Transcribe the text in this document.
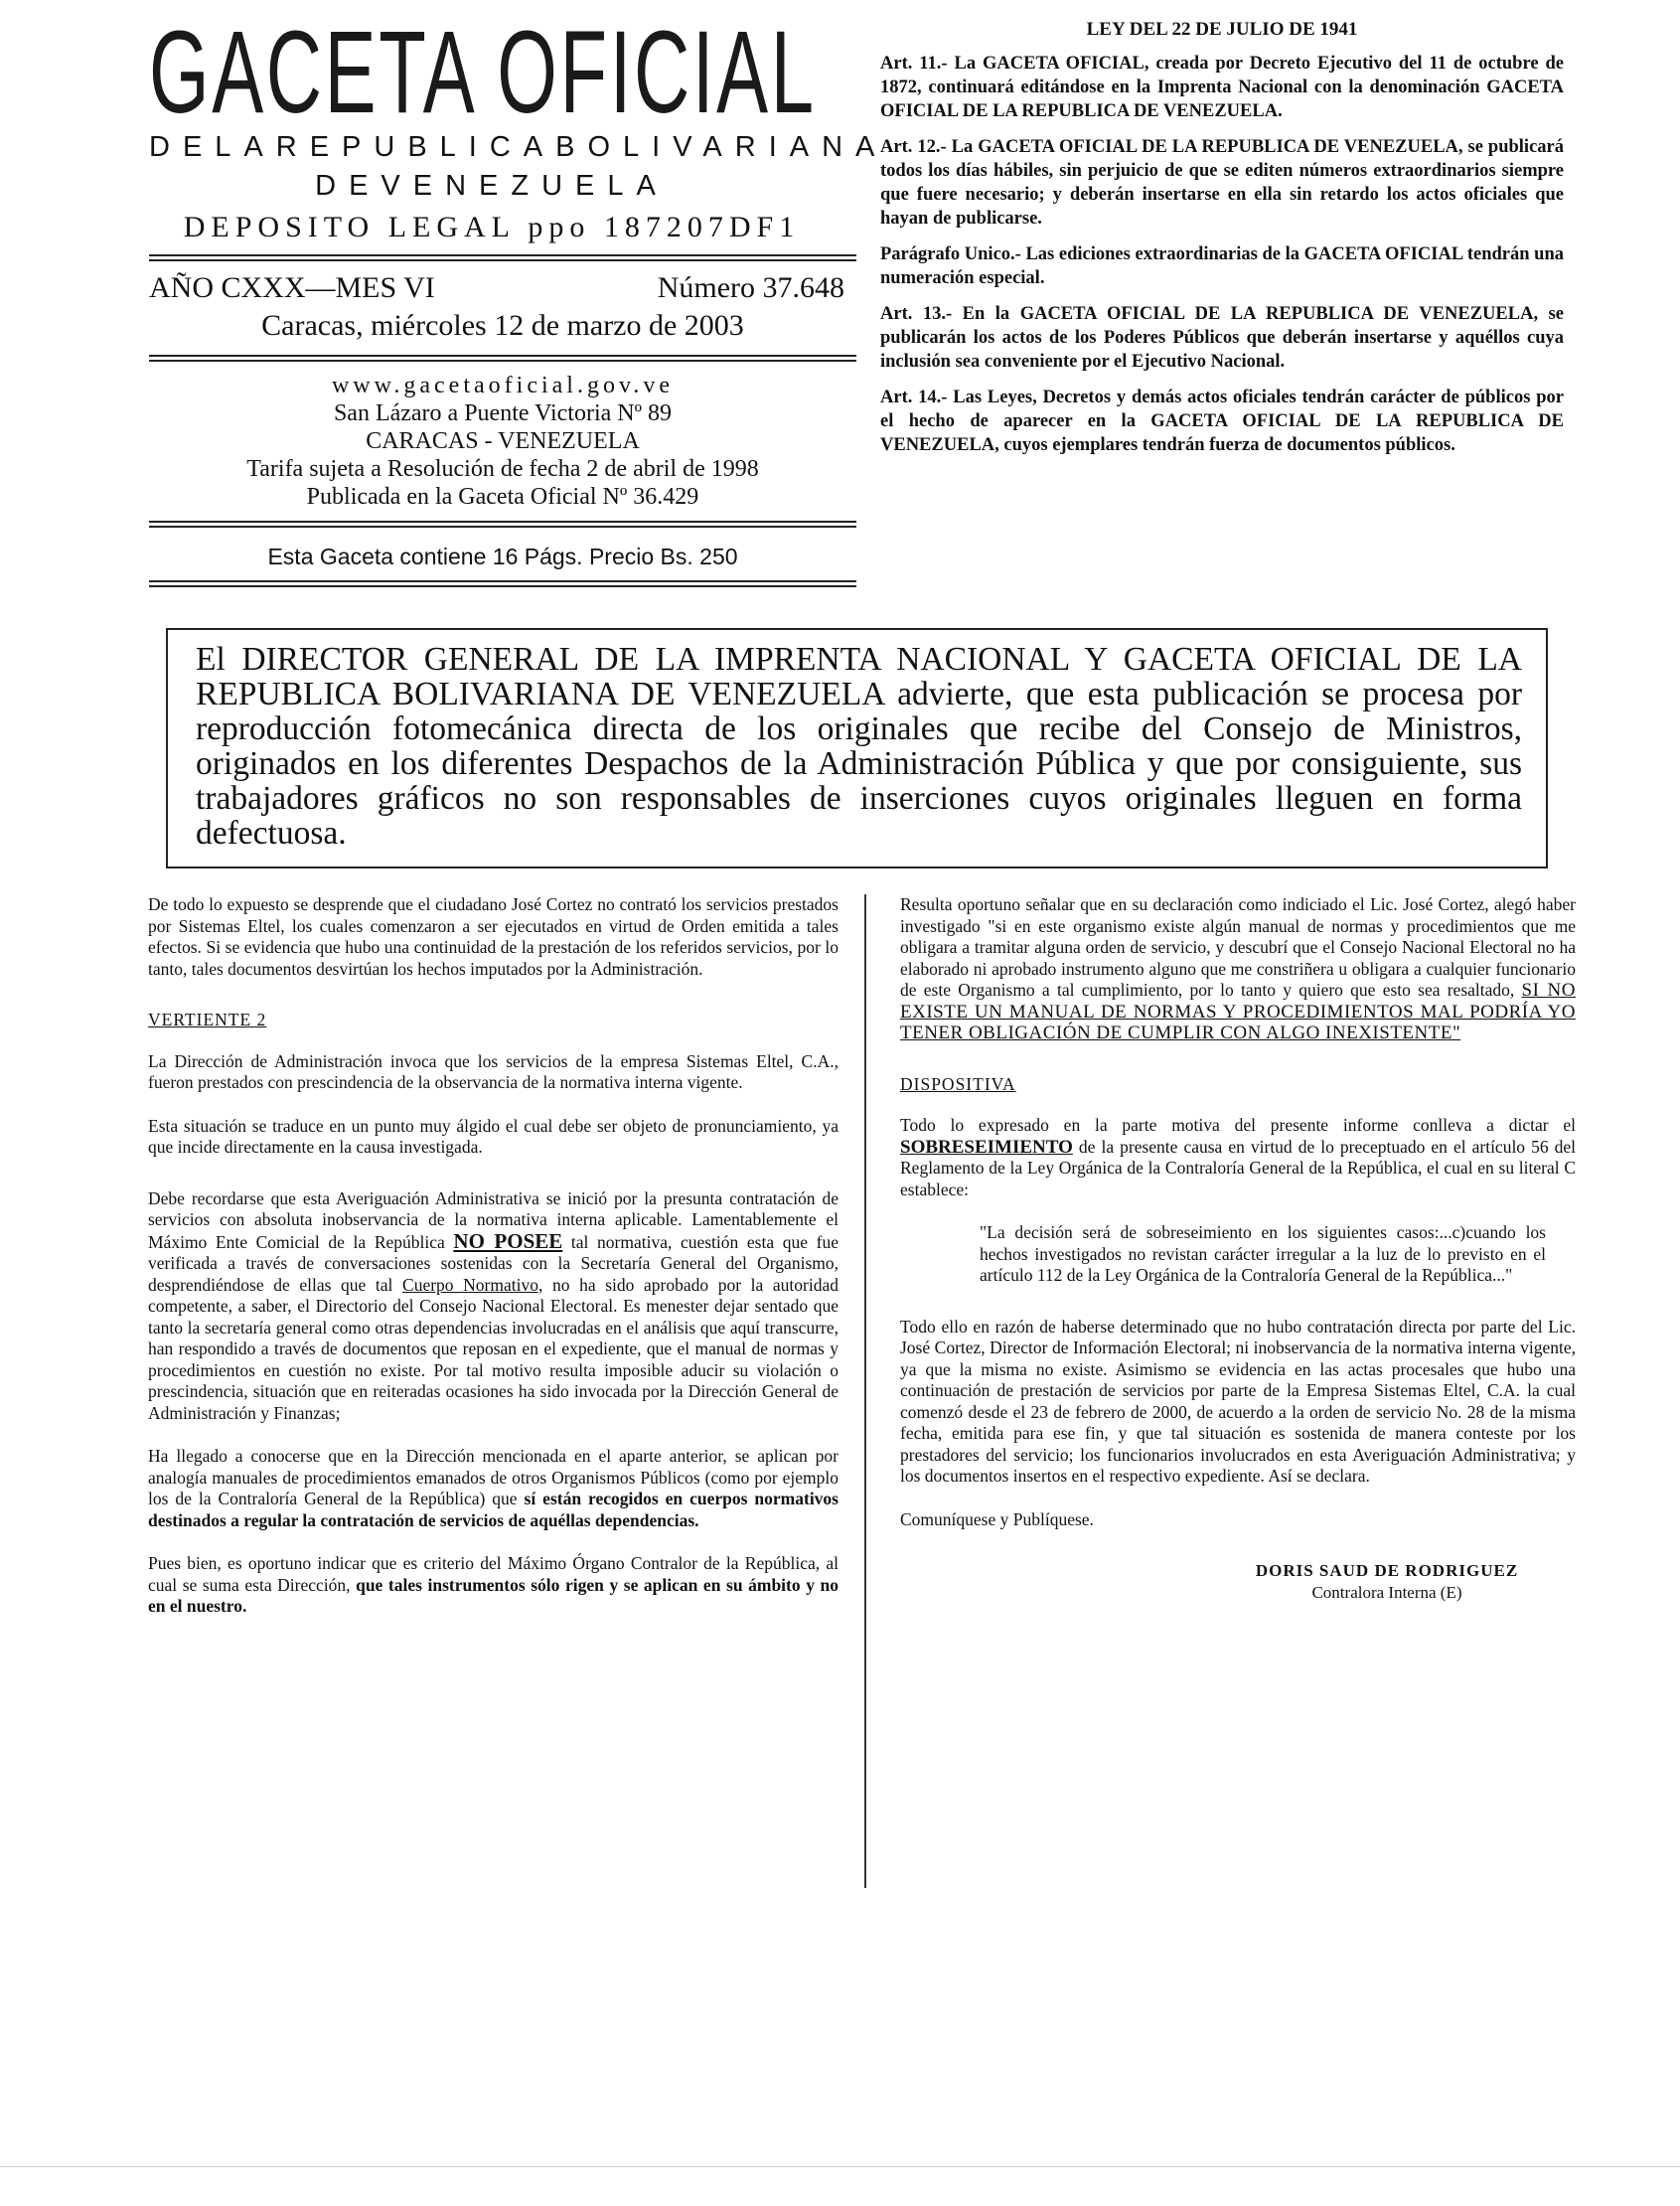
GACETA OFICIAL
DELAREPUBLICABOLIVARIANA
DEVENEZUELA
DEPOSITO LEGAL ppo 187207DF1
AÑO CXXX—MES VI	Número 37.648
Caracas, miércoles 12 de marzo de 2003
www.gacetaoficial.gov.ve
San Lázaro a Puente Victoria Nº 89
CARACAS - VENEZUELA
Tarifa sujeta a Resolución de fecha 2 de abril de 1998
Publicada en la Gaceta Oficial Nº 36.429
Esta Gaceta contiene 16 Págs. Precio Bs. 250
LEY DEL 22 DE JULIO DE 1941

Art. 11.- La GACETA OFICIAL, creada por Decreto Ejecutivo del 11 de octubre de 1872, continuará editándose en la Imprenta Nacional con la denominación GACETA OFICIAL DE LA REPUBLICA DE VENEZUELA.

Art. 12.- La GACETA OFICIAL DE LA REPUBLICA DE VENEZUELA, se publicará todos los días hábiles, sin perjuicio de que se editen números extraordinarios siempre que fuere necesario; y deberán insertarse en ella sin retardo los actos oficiales que hayan de publicarse.

Parágrafo Unico.- Las ediciones extraordinarias de la GACETA OFICIAL tendrán una numeración especial.

Art. 13.- En la GACETA OFICIAL DE LA REPUBLICA DE VENEZUELA, se publicarán los actos de los Poderes Públicos que deberán insertarse y aquéllos cuya inclusión sea conveniente por el Ejecutivo Nacional.

Art. 14.- Las Leyes, Decretos y demás actos oficiales tendrán carácter de públicos por el hecho de aparecer en la GACETA OFICIAL DE LA REPUBLICA DE VENEZUELA, cuyos ejemplares tendrán fuerza de documentos públicos.

El DIRECTOR GENERAL DE LA IMPRENTA NACIONAL Y GACETA OFICIAL DE LA REPUBLICA BOLIVARIANA DE VENEZUELA advierte, que esta publicación se procesa por reproducción fotomecánica directa de los originales que recibe del Consejo de Ministros, originados en los diferentes Despachos de la Administración Pública y que por consiguiente, sus trabajadores gráficos no son responsables de inserciones cuyos originales lleguen en forma defectuosa.

De todo lo expuesto se desprende que el ciudadano José Cortez no contrató los servicios prestados por Sistemas Eltel, los cuales comenzaron a ser ejecutados en virtud de Orden emitida a tales efectos. Si se evidencia que hubo una continuidad de la prestación de los referidos servicios, por lo tanto, tales documentos desvirtúan los hechos imputados por la Administración.

VERTIENTE 2

La Dirección de Administración invoca que los servicios de la empresa Sistemas Eltel, C.A., fueron prestados con prescindencia de la observancia de la normativa interna vigente.

Esta situación se traduce en un punto muy álgido el cual debe ser objeto de pronunciamiento, ya que incide directamente en la causa investigada.

Debe recordarse que esta Averiguación Administrativa se inició por la presunta contratación de servicios con absoluta inobservancia de la normativa interna aplicable. Lamentablemente el Máximo Ente Comicial de la República NO POSEE tal normativa, cuestión esta que fue verificada a través de conversaciones sostenidas con la Secretaría General del Organismo, desprendiéndose de ellas que tal Cuerpo Normativo, no ha sido aprobado por la autoridad competente, a saber, el Directorio del Consejo Nacional Electoral. Es menester dejar sentado que tanto la secretaría general como otras dependencias involucradas en el análisis que aquí transcurre, han respondido a través de documentos que reposan en el expediente, que el manual de normas y procedimientos en cuestión no existe. Por tal motivo resulta imposible aducir su violación o prescindencia, situación que en reiteradas ocasiones ha sido invocada por la Dirección General de Administración y Finanzas;

Ha llegado a conocerse que en la Dirección mencionada en el aparte anterior, se aplican por analogía manuales de procedimientos emanados de otros Organismos Públicos (como por ejemplo los de la Contraloría General de la República) que sí están recogidos en cuerpos normativos destinados a regular la contratación de servicios de aquéllas dependencias.

Pues bien, es oportuno indicar que es criterio del Máximo Órgano Contralor de la República, al cual se suma esta Dirección, que tales instrumentos sólo rigen y se aplican en su ámbito y no en el nuestro.

Resulta oportuno señalar que en su declaración como indiciado el Lic. José Cortez, alegó haber investigado "si en este organismo existe algún manual de normas y procedimientos que me obligara a tramitar alguna orden de servicio, y descubrí que el Consejo Nacional Electoral no ha elaborado ni aprobado instrumento alguno que me constriñera u obligara a cualquier funcionario de este Organismo a tal cumplimiento, por lo tanto y quiero que esto sea resaltado, SI NO EXISTE UN MANUAL DE NORMAS Y PROCEDIMIENTOS MAL PODRÍA YO TENER OBLIGACIÓN DE CUMPLIR CON ALGO INEXISTENTE"

DISPOSITIVA

Todo lo expresado en la parte motiva del presente informe conlleva a dictar el SOBRESEIMIENTO de la presente causa en virtud de lo preceptuado en el artículo 56 del Reglamento de la Ley Orgánica de la Contraloría General de la República, el cual en su literal C establece:

"La decisión será de sobreseimiento en los siguientes casos:...c)cuando los hechos investigados no revistan carácter irregular a la luz de lo previsto en el artículo 112 de la Ley Orgánica de la Contraloría General de la República..."

Todo ello en razón de haberse determinado que no hubo contratación directa por parte del Lic. José Cortez, Director de Información Electoral; ni inobservancia de la normativa interna vigente, ya que la misma no existe. Asimismo se evidencia en las actas procesales que hubo una continuación de prestación de servicios por parte de la Empresa Sistemas Eltel, C.A. la cual comenzó desde el 23 de febrero de 2000, de acuerdo a la orden de servicio No. 28 de la misma fecha, emitida para ese fin, y que tal situación es sostenida de manera conteste por los prestadores del servicio; los funcionarios involucrados en esta Averiguación Administrativa; y los documentos insertos en el respectivo expediente. Así se declara.

Comuníquese y Publíquese.

DORIS SAUD DE RODRIGUEZ
Contralora Interna (E)
